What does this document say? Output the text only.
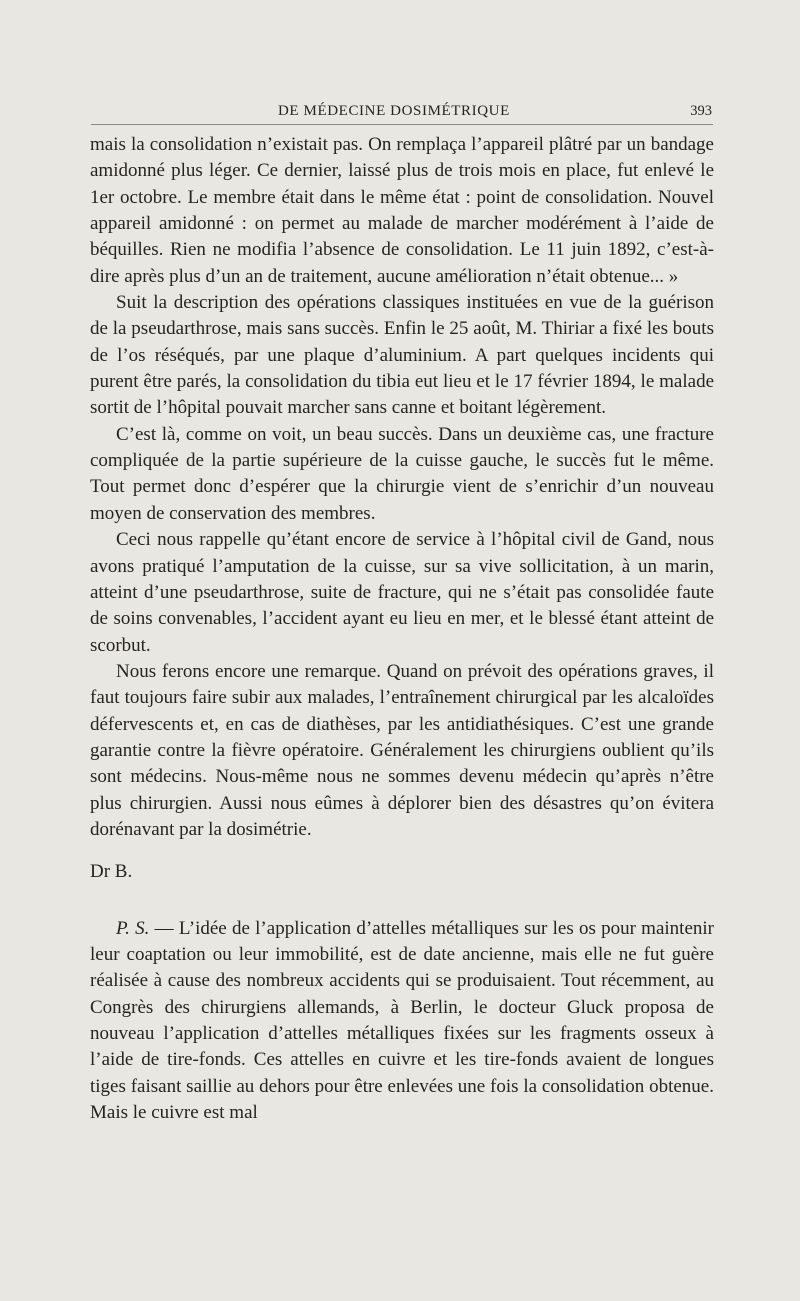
DE MÉDECINE DOSIMÉTRIQUE	393

mais la consolidation n’existait pas. On remplaça l’appareil plâtré par un bandage amidonné plus léger. Ce dernier, laissé plus de trois mois en place, fut enlevé le 1er octobre. Le membre était dans le même état : point de consolidation. Nouvel appareil amidonné : on permet au malade de marcher modérément à l’aide de béquilles. Rien ne modifia l’absence de consolidation. Le 11 juin 1892, c’est-à-dire après plus d’un an de traitement, aucune amélioration n’était obtenue... »

Suit la description des opérations classiques instituées en vue de la guérison de la pseudarthrose, mais sans succès. Enfin le 25 août, M. Thiriar a fixé les bouts de l’os réséqués, par une plaque d’aluminium. A part quelques incidents qui purent être parés, la consolidation du tibia eut lieu et le 17 février 1894, le malade sortit de l’hôpital pouvait marcher sans canne et boitant légèrement.

C’est là, comme on voit, un beau succès. Dans un deuxième cas, une fracture compliquée de la partie supérieure de la cuisse gauche, le succès fut le même. Tout permet donc d’espérer que la chirurgie vient de s’enrichir d’un nouveau moyen de conservation des membres.

Ceci nous rappelle qu’étant encore de service à l’hôpital civil de Gand, nous avons pratiqué l’amputation de la cuisse, sur sa vive sollicitation, à un marin, atteint d’une pseudarthrose, suite de fracture, qui ne s’était pas consolidée faute de soins convenables, l’accident ayant eu lieu en mer, et le blessé étant atteint de scorbut.

Nous ferons encore une remarque. Quand on prévoit des opérations graves, il faut toujours faire subir aux malades, l’entraînement chirurgical par les alcaloïdes défervescents et, en cas de diathèses, par les antidiathésiques. C’est une grande garantie contre la fièvre opératoire. Généralement les chirurgiens oublient qu’ils sont médecins. Nous-même nous ne sommes devenu médecin qu’après n’être plus chirurgien. Aussi nous eûmes à déplorer bien des désastres qu’on évitera dorénavant par la dosimétrie.

Dr B.

P. S. — L’idée de l’application d’attelles métalliques sur les os pour maintenir leur coaptation ou leur immobilité, est de date ancienne, mais elle ne fut guère réalisée à cause des nombreux accidents qui se produisaient. Tout récemment, au Congrès des chirurgiens allemands, à Berlin, le docteur Gluck proposa de nouveau l’application d’attelles métalliques fixées sur les fragments osseux à l’aide de tire-fonds. Ces attelles en cuivre et les tire-fonds avaient de longues tiges faisant saillie au dehors pour être enlevées une fois la consolidation obtenue. Mais le cuivre est mal
